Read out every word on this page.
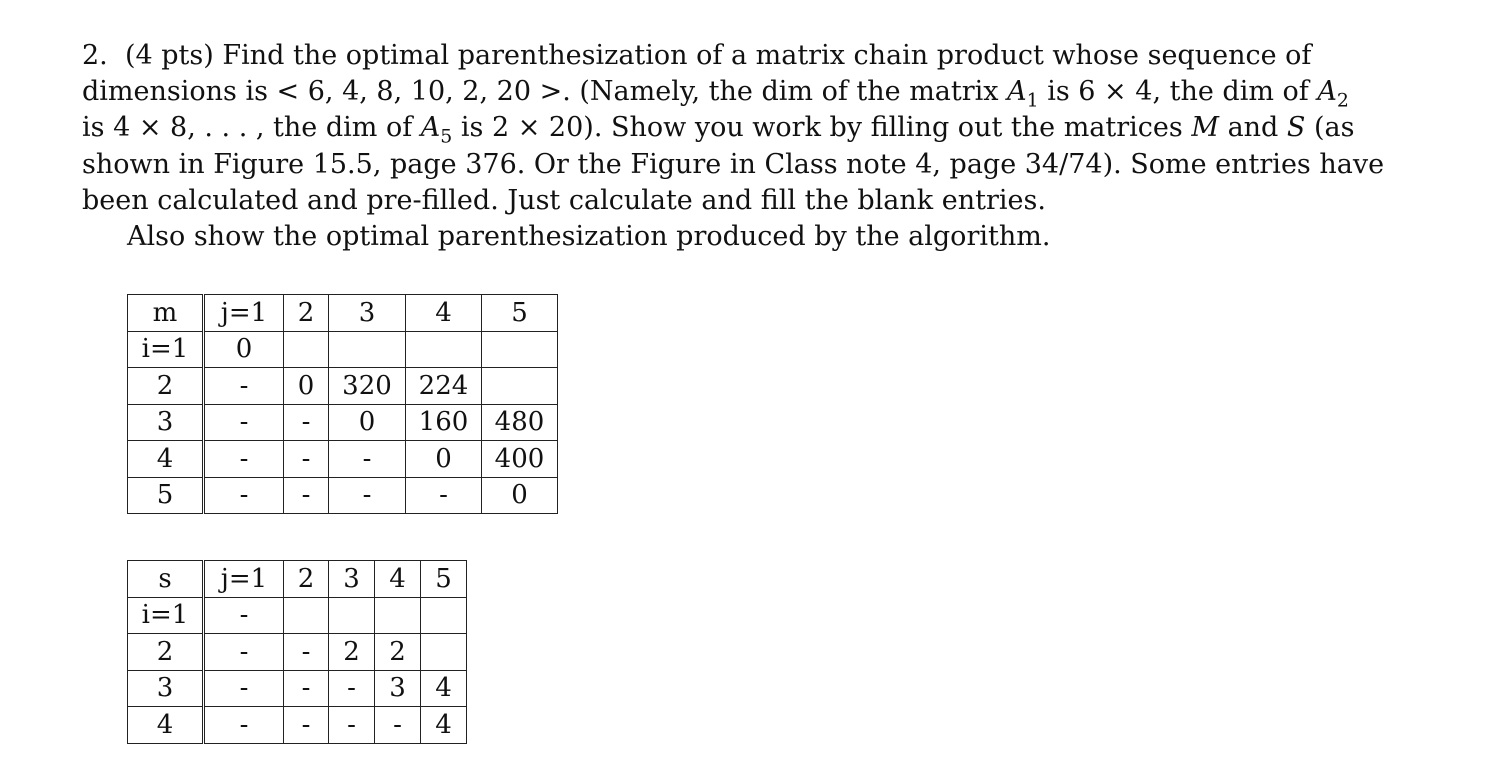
2. (4 pts) Find the optimal parenthesization of a matrix chain product whose sequence of
dimensions is < 6, 4, 8, 10, 2, 20 >. (Namely, the dim of the matrix $A_1$ is 6 × 4, the dim of $A_2$
is 4 × 8, . . . , the dim of $A_5$ is 2 × 20). Show you work by filling out the matrices M and S (as
shown in Figure 15.5, page 376. Or the Figure in Class note 4, page 34/74). Some entries have
been calculated and pre-filled. Just calculate and fill the blank entries.
Also show the optimal parenthesization produced by the algorithm.
m	j=1	2	3	4	5
i=1	0				
2	-	0	320	224	
3	-	-	0	160	480
4	-	-	-	0	400
5	-	-	-	-	0
s	j=1	2	3	4	5
i=1	-				
2	-	-	2	2	
3	-	-	-	3	4
4	-	-	-	-	4
